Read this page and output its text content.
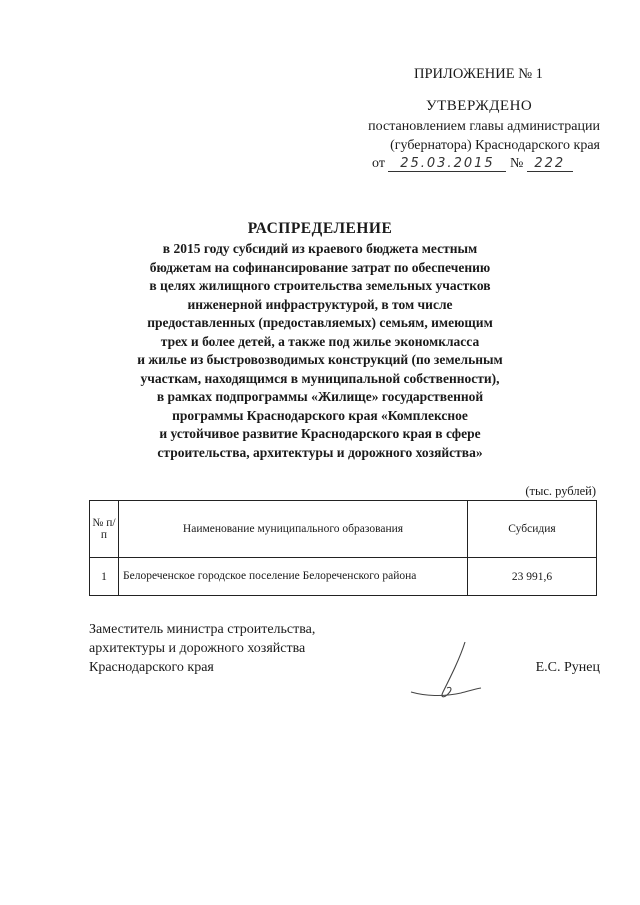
ПРИЛОЖЕНИЕ № 1
УТВЕРЖДЕНО
постановлением главы администрации
(губернатора) Краснодарского края
от 25.03.2015 № 222
РАСПРЕДЕЛЕНИЕ
в 2015 году субсидий из краевого бюджета местным
бюджетам на софинансирование затрат по обеспечению
в целях жилищного строительства земельных участков
инженерной инфраструктурой, в том числе
предоставленных (предоставляемых) семьям, имеющим
трех и более детей, а также под жилье экономкласса
и жилье из быстровозводимых конструкций (по земельным
участкам, находящимся в муниципальной собственности),
в рамках подпрограммы «Жилище» государственной
программы Краснодарского края «Комплексное
и устойчивое развитие Краснодарского края в сфере
строительства, архитектуры и дорожного хозяйства»
(тыс. рублей)
№ п/п	Наименование муниципального образования	Субсидия
1	Белореченское городское поселение Белореченского района	23 991,6
Заместитель министра строительства,
архитектуры и дорожного хозяйства
Краснодарского края	Е.С. Рунец
